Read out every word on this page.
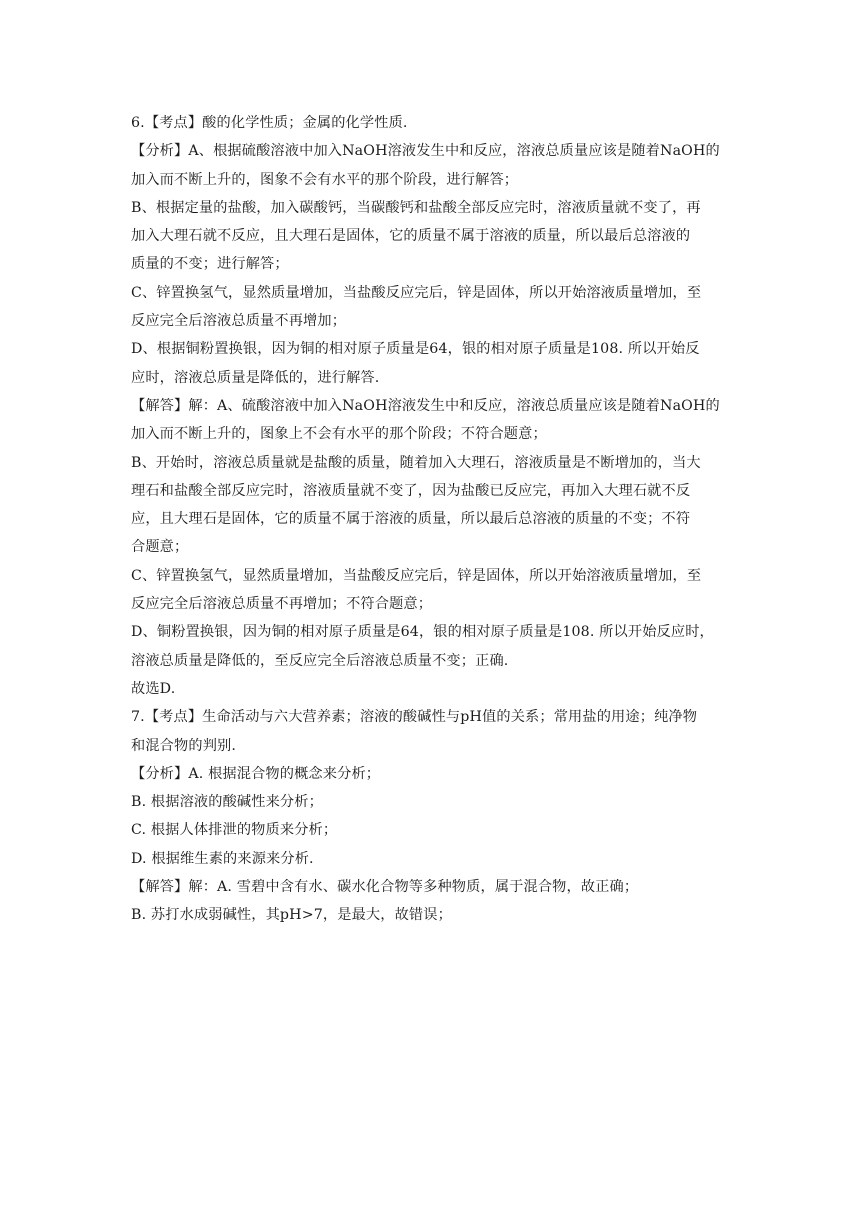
6.【考点】酸的化学性质；金属的化学性质.
【分析】A、根据硫酸溶液中加入NaOH溶液发生中和反应，溶液总质量应该是随着NaOH的
加入而不断上升的，图象不会有水平的那个阶段，进行解答；
B、根据定量的盐酸，加入碳酸钙，当碳酸钙和盐酸全部反应完时，溶液质量就不变了，再
加入大理石就不反应，且大理石是固体，它的质量不属于溶液的质量，所以最后总溶液的
质量的不变；进行解答；
C、锌置换氢气，显然质量增加，当盐酸反应完后，锌是固体，所以开始溶液质量增加，至
反应完全后溶液总质量不再增加；
D、根据铜粉置换银，因为铜的相对原子质量是64，银的相对原子质量是108. 所以开始反
应时，溶液总质量是降低的，进行解答.
【解答】解：A、硫酸溶液中加入NaOH溶液发生中和反应，溶液总质量应该是随着NaOH的
加入而不断上升的，图象上不会有水平的那个阶段；不符合题意；
B、开始时，溶液总质量就是盐酸的质量，随着加入大理石，溶液质量是不断增加的，当大
理石和盐酸全部反应完时，溶液质量就不变了，因为盐酸已反应完，再加入大理石就不反
应，且大理石是固体，它的质量不属于溶液的质量，所以最后总溶液的质量的不变；不符
合题意；
C、锌置换氢气，显然质量增加，当盐酸反应完后，锌是固体，所以开始溶液质量增加，至
反应完全后溶液总质量不再增加；不符合题意；
D、铜粉置换银，因为铜的相对原子质量是64，银的相对原子质量是108. 所以开始反应时，
溶液总质量是降低的，至反应完全后溶液总质量不变；正确.
故选D.
7.【考点】生命活动与六大营养素；溶液的酸碱性与pH值的关系；常用盐的用途；纯净物
和混合物的判别.
【分析】A. 根据混合物的概念来分析；
B. 根据溶液的酸碱性来分析；
C. 根据人体排泄的物质来分析；
D. 根据维生素的来源来分析.
【解答】解：A. 雪碧中含有水、碳水化合物等多种物质，属于混合物，故正确；
B. 苏打水成弱碱性，其pH>7，是最大，故错误；
